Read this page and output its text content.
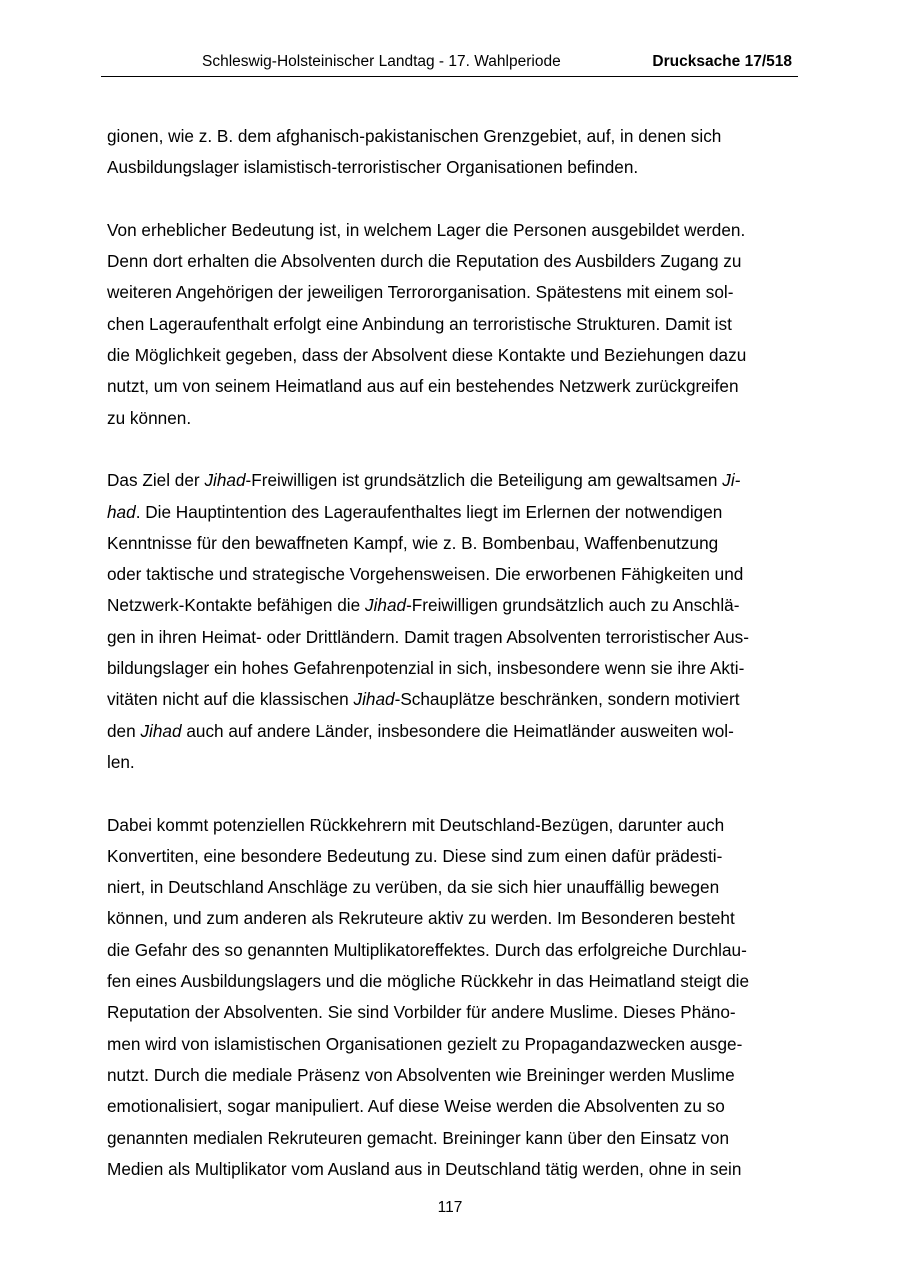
Schleswig-Holsteinischer Landtag - 17. Wahlperiode	Drucksache 17/518

gionen, wie z. B. dem afghanisch-pakistanischen Grenzgebiet, auf, in denen sich
Ausbildungslager islamistisch-terroristischer Organisationen befinden.

Von erheblicher Bedeutung ist, in welchem Lager die Personen ausgebildet werden.
Denn dort erhalten die Absolventen durch die Reputation des Ausbilders Zugang zu
weiteren Angehörigen der jeweiligen Terrororganisation. Spätestens mit einem sol-
chen Lageraufenthalt erfolgt eine Anbindung an terroristische Strukturen. Damit ist
die Möglichkeit gegeben, dass der Absolvent diese Kontakte und Beziehungen dazu
nutzt, um von seinem Heimatland aus auf ein bestehendes Netzwerk zurückgreifen
zu können.

Das Ziel der Jihad-Freiwilligen ist grundsätzlich die Beteiligung am gewaltsamen Ji-
had. Die Hauptintention des Lageraufenthaltes liegt im Erlernen der notwendigen
Kenntnisse für den bewaffneten Kampf, wie z. B. Bombenbau, Waffenbenutzung
oder taktische und strategische Vorgehensweisen. Die erworbenen Fähigkeiten und
Netzwerk-Kontakte befähigen die Jihad-Freiwilligen grundsätzlich auch zu Anschlä-
gen in ihren Heimat- oder Drittländern. Damit tragen Absolventen terroristischer Aus-
bildungslager ein hohes Gefahrenpotenzial in sich, insbesondere wenn sie ihre Akti-
vitäten nicht auf die klassischen Jihad-Schauplätze beschränken, sondern motiviert
den Jihad auch auf andere Länder, insbesondere die Heimatländer ausweiten wol-
len.

Dabei kommt potenziellen Rückkehrern mit Deutschland-Bezügen, darunter auch
Konvertiten, eine besondere Bedeutung zu. Diese sind zum einen dafür prädesti-
niert, in Deutschland Anschläge zu verüben, da sie sich hier unauffällig bewegen
können, und zum anderen als Rekruteure aktiv zu werden. Im Besonderen besteht
die Gefahr des so genannten Multiplikatoreffektes. Durch das erfolgreiche Durchlau-
fen eines Ausbildungslagers und die mögliche Rückkehr in das Heimatland steigt die
Reputation der Absolventen. Sie sind Vorbilder für andere Muslime. Dieses Phäno-
men wird von islamistischen Organisationen gezielt zu Propagandazwecken ausge-
nutzt. Durch die mediale Präsenz von Absolventen wie Breininger werden Muslime
emotionalisiert, sogar manipuliert. Auf diese Weise werden die Absolventen zu so
genannten medialen Rekruteuren gemacht. Breininger kann über den Einsatz von
Medien als Multiplikator vom Ausland aus in Deutschland tätig werden, ohne in sein

117
